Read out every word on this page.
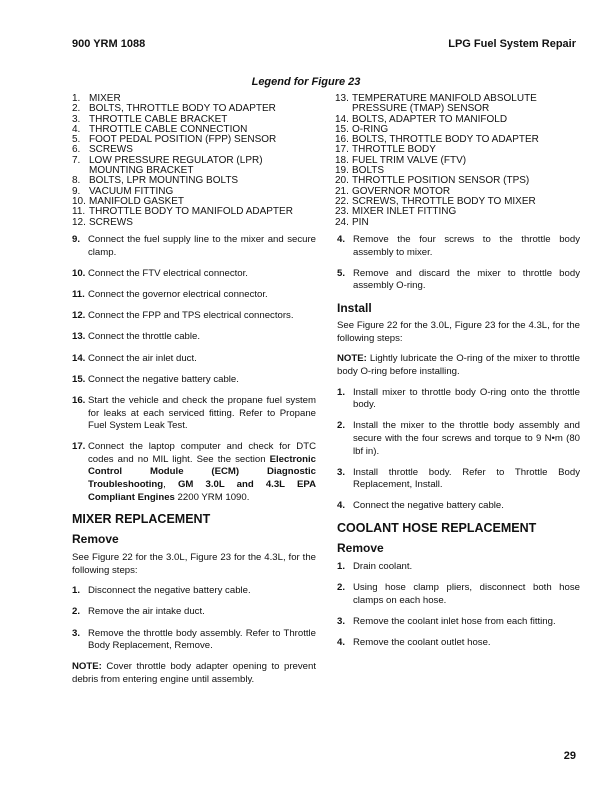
900 YRM 1088	LPG Fuel System Repair
Legend for Figure 23
1. MIXER
2. BOLTS, THROTTLE BODY TO ADAPTER
3. THROTTLE CABLE BRACKET
4. THROTTLE CABLE CONNECTION
5. FOOT PEDAL POSITION (FPP) SENSOR
6. SCREWS
7. LOW PRESSURE REGULATOR (LPR)
MOUNTING BRACKET
8. BOLTS, LPR MOUNTING BOLTS
9. VACUUM FITTING
10. MANIFOLD GASKET
11. THROTTLE BODY TO MANIFOLD ADAPTER
12. SCREWS
13. TEMPERATURE MANIFOLD ABSOLUTE
PRESSURE (TMAP) SENSOR
14. BOLTS, ADAPTER TO MANIFOLD
15. O-RING
16. BOLTS, THROTTLE BODY TO ADAPTER
17. THROTTLE BODY
18. FUEL TRIM VALVE (FTV)
19. BOLTS
20. THROTTLE POSITION SENSOR (TPS)
21. GOVERNOR MOTOR
22. SCREWS, THROTTLE BODY TO MIXER
23. MIXER INLET FITTING
24. PIN
9. Connect the fuel supply line to the mixer and secure clamp.
10. Connect the FTV electrical connector.
11. Connect the governor electrical connector.
12. Connect the FPP and TPS electrical connectors.
13. Connect the throttle cable.
14. Connect the air inlet duct.
15. Connect the negative battery cable.
16. Start the vehicle and check the propane fuel system for leaks at each serviced fitting. Refer to Propane Fuel System Leak Test.
17. Connect the laptop computer and check for DTC codes and no MIL light. See the section Electronic Control Module (ECM) Diagnostic Troubleshooting, GM 3.0L and 4.3L EPA Compliant Engines 2200 YRM 1090.
MIXER REPLACEMENT
Remove
See Figure 22 for the 3.0L, Figure 23 for the 4.3L, for the following steps:
1. Disconnect the negative battery cable.
2. Remove the air intake duct.
3. Remove the throttle body assembly. Refer to Throttle Body Replacement, Remove.
NOTE: Cover throttle body adapter opening to prevent debris from entering engine until assembly.
4. Remove the four screws to the throttle body assembly to mixer.
5. Remove and discard the mixer to throttle body assembly O-ring.
Install
See Figure 22 for the 3.0L, Figure 23 for the 4.3L, for the following steps:
NOTE: Lightly lubricate the O-ring of the mixer to throttle body O-ring before installing.
1. Install mixer to throttle body O-ring onto the throttle body.
2. Install the mixer to the throttle body assembly and secure with the four screws and torque to 9 N•m (80 lbf in).
3. Install throttle body. Refer to Throttle Body Replacement, Install.
4. Connect the negative battery cable.
COOLANT HOSE REPLACEMENT
Remove
1. Drain coolant.
2. Using hose clamp pliers, disconnect both hose clamps on each hose.
3. Remove the coolant inlet hose from each fitting.
4. Remove the coolant outlet hose.
29
